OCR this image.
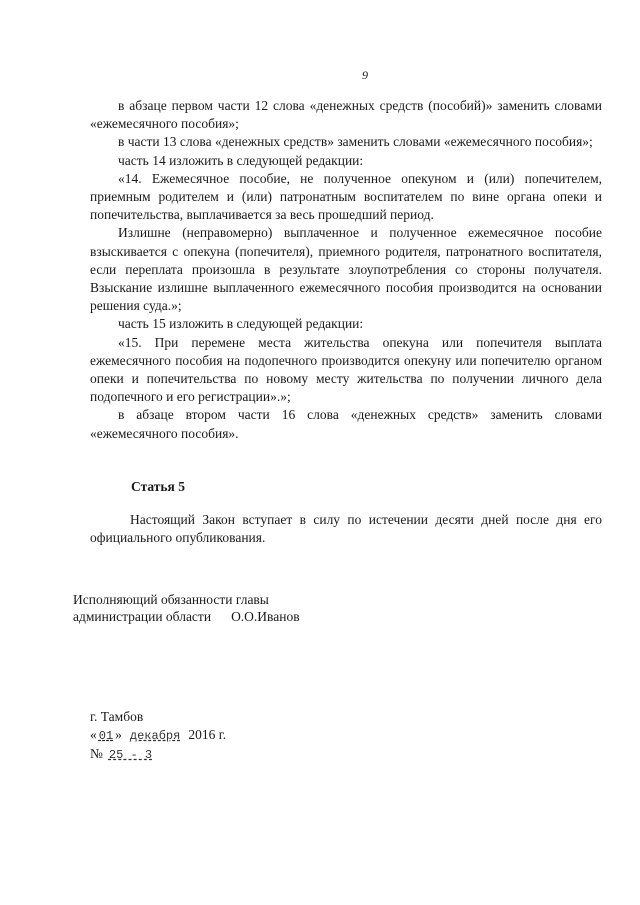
9

в абзаце первом части 12 слова «денежных средств (пособий)» заменить словами «ежемесячного пособия»;

в части 13 слова «денежных средств» заменить словами «ежемесячного пособия»;

часть 14 изложить в следующей редакции:

«14. Ежемесячное пособие, не полученное опекуном и (или) попечителем, приемным родителем и (или) патронатным воспитателем по вине органа опеки и попечительства, выплачивается за весь прошедший период.

Излишне (неправомерно) выплаченное и полученное ежемесячное пособие взыскивается с опекуна (попечителя), приемного родителя, патронатного воспитателя, если переплата произошла в результате злоупотребления со стороны получателя. Взыскание излишне выплаченного ежемесячного пособия производится на основании решения суда.»;

часть 15 изложить в следующей редакции:

«15. При перемене места жительства опекуна или попечителя выплата ежемесячного пособия на подопечного производится опекуну или попечителю органом опеки и попечительства по новому месту жительства по получении личного дела подопечного и его регистрации».»;

в абзаце втором части 16 слова «денежных средств» заменить словами «ежемесячного пособия».

Статья 5

Настоящий Закон вступает в силу по истечении десяти дней после дня его официального опубликования.

Исполняющий обязанности главы
администрации области О.О.Иванов
г. Тамбов
« 01 » декабря 2016 г.
№ 25 - 3
